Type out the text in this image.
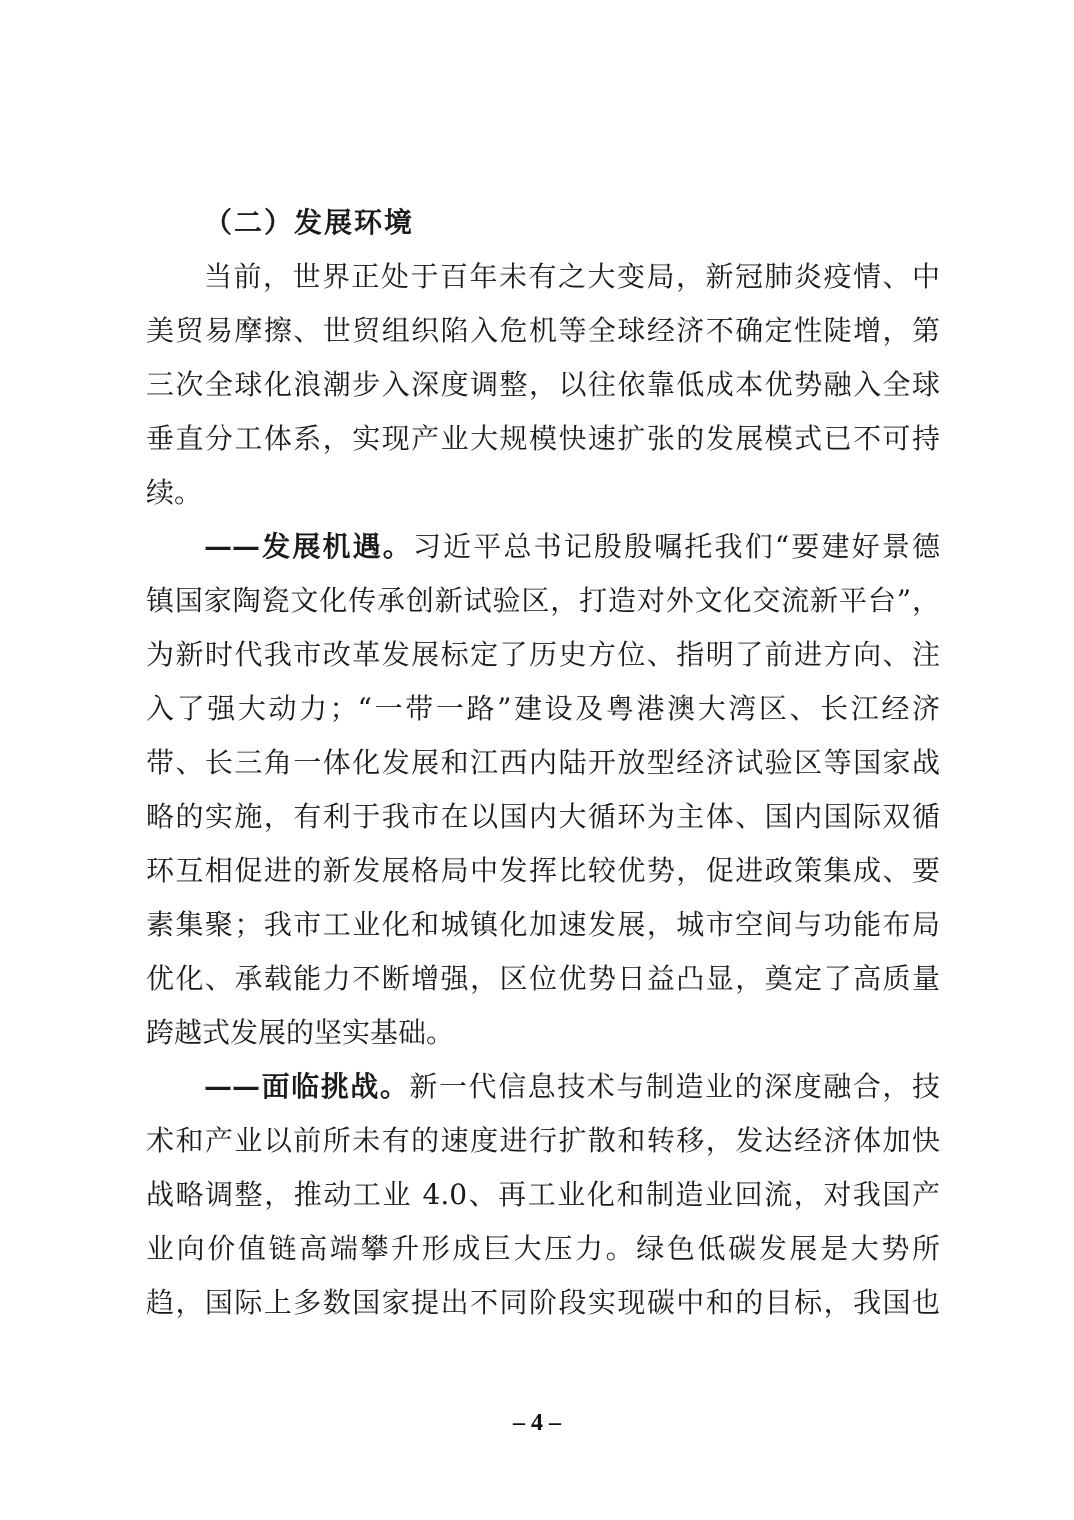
（二）发展环境
当前，世界正处于百年未有之大变局，新冠肺炎疫情、中
美贸易摩擦、世贸组织陷入危机等全球经济不确定性陡增，第
三次全球化浪潮步入深度调整，以往依靠低成本优势融入全球
垂直分工体系，实现产业大规模快速扩张的发展模式已不可持
续。
——发展机遇。习近平总书记殷殷嘱托我们“要建好景德
镇国家陶瓷文化传承创新试验区，打造对外文化交流新平台”，
为新时代我市改革发展标定了历史方位、指明了前进方向、注
入了强大动力；“一带一路”建设及粤港澳大湾区、长江经济
带、长三角一体化发展和江西内陆开放型经济试验区等国家战
略的实施，有利于我市在以国内大循环为主体、国内国际双循
环互相促进的新发展格局中发挥比较优势，促进政策集成、要
素集聚；我市工业化和城镇化加速发展，城市空间与功能布局
优化、承载能力不断增强，区位优势日益凸显，奠定了高质量
跨越式发展的坚实基础。
——面临挑战。新一代信息技术与制造业的深度融合，技
术和产业以前所未有的速度进行扩散和转移，发达经济体加快
战略调整，推动工业 4.0、再工业化和制造业回流，对我国产
业向价值链高端攀升形成巨大压力。绿色低碳发展是大势所
趋，国际上多数国家提出不同阶段实现碳中和的目标，我国也
– 4 –
